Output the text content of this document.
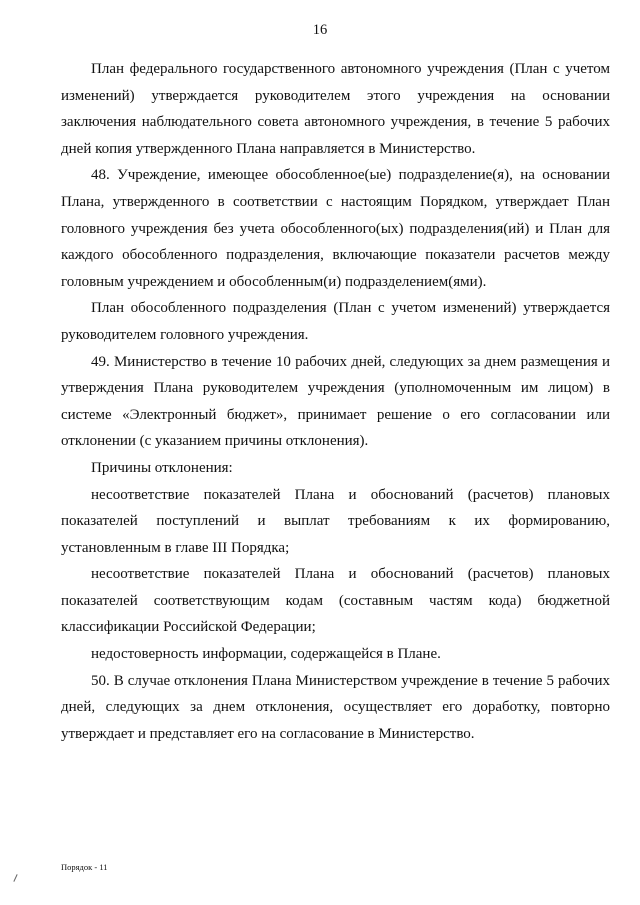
16

План федерального государственного автономного учреждения (План с учетом изменений) утверждается руководителем этого учреждения на основании заключения наблюдательного совета автономного учреждения, в течение 5 рабочих дней копия утвержденного Плана направляется в Министерство.

48. Учреждение, имеющее обособленное(ые) подразделение(я), на основании Плана, утвержденного в соответствии с настоящим Порядком, утверждает План головного учреждения без учета обособленного(ых) подразделения(ий) и План для каждого обособленного подразделения, включающие показатели расчетов между головным учреждением и обособленным(и) подразделением(ями).

План обособленного подразделения (План с учетом изменений) утверждается руководителем головного учреждения.

49. Министерство в течение 10 рабочих дней, следующих за днем размещения и утверждения Плана руководителем учреждения (уполномоченным им лицом) в системе «Электронный бюджет», принимает решение о его согласовании или отклонении (с указанием причины отклонения).

Причины отклонения:

несоответствие показателей Плана и обоснований (расчетов) плановых показателей поступлений и выплат требованиям к их формированию, установленным в главе III Порядка;

несоответствие показателей Плана и обоснований (расчетов) плановых показателей соответствующим кодам (составным частям кода) бюджетной классификации Российской Федерации;

недостоверность информации, содержащейся в Плане.

50. В случае отклонения Плана Министерством учреждение в течение 5 рабочих дней, следующих за днем отклонения, осуществляет его доработку, повторно утверждает и представляет его на согласование в Министерство.

Порядок - 11
